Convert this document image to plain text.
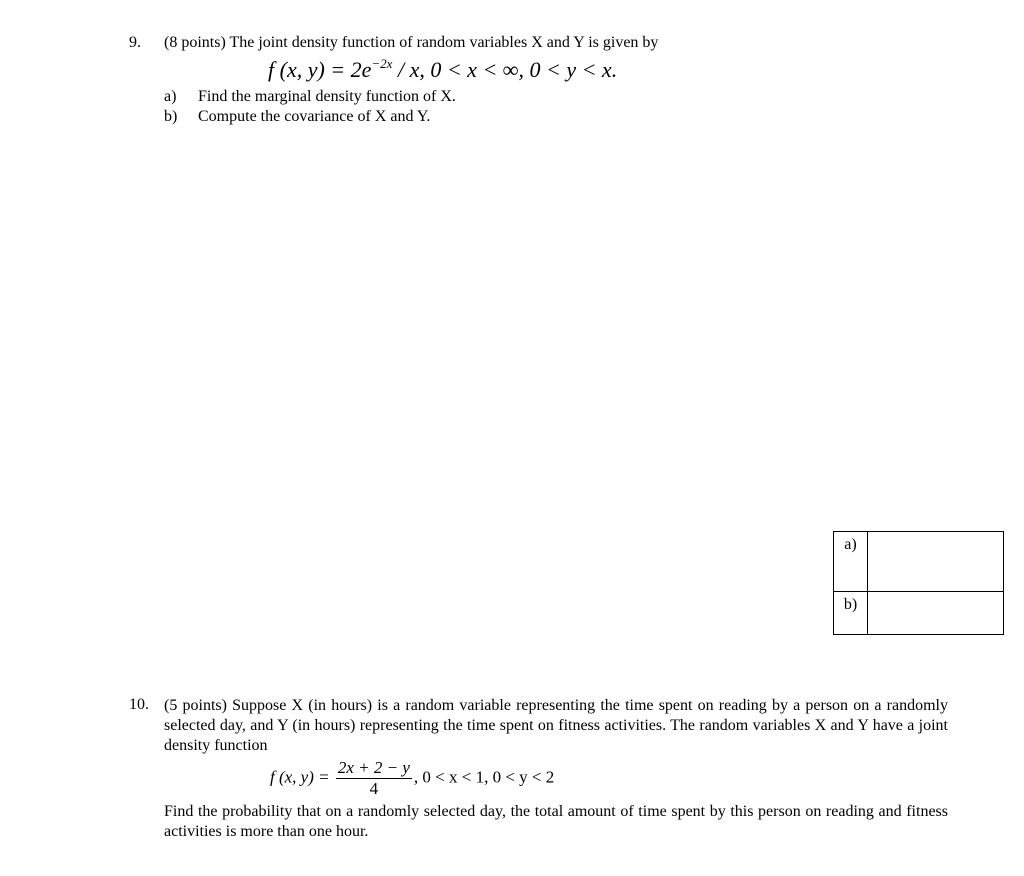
9. (8 points) The joint density function of random variables X and Y is given by
f (x, $y) = 2e^{-2x} / x$, 0 < x < ∞, 0 < y < x.
a) Find the marginal density function of X.
b) Compute the covariance of X and Y.
a)	
b)	
10. (5 points) Suppose X (in hours) is a random variable representing the time spent on reading by a person on a randomly selected day, and Y (in hours) representing the time spent on fitness activities. The random variables X and Y have a joint density function
f (x, $y) = \frac{2x + 2 - y}{4}$ , 0 < x < 1, 0 < y < 2
Find the probability that on a randomly selected day, the total amount of time spent by this person on reading and fitness activities is more than one hour.
